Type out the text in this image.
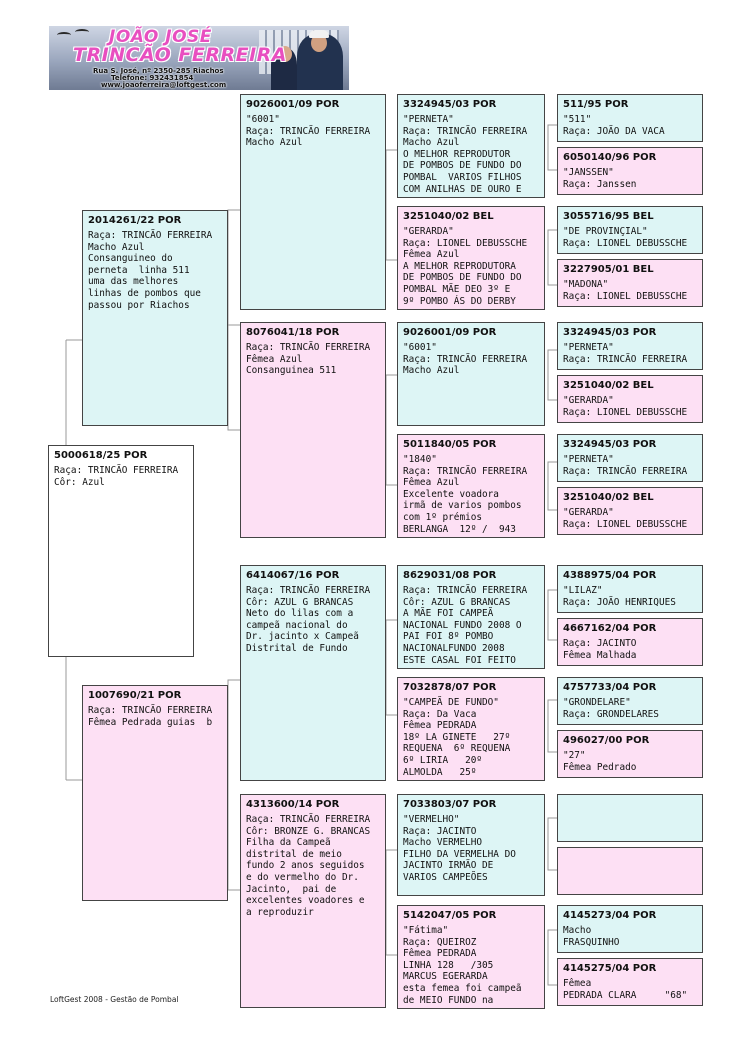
JOÃO JOSÉ
TRINCÃO FERREIRA
Rua S. José, nº 2350-285 Riachos
Telefone: 932431854
www.joaoferreira@loftgest.com
5000618/25 POR
Raça: TRINCÃO FERREIRA
Côr: Azul
2014261/22 POR
Raça: TRINCÃO FERREIRA
Macho Azul
Consanguineo do
perneta  linha 511
uma das melhores
linhas de pombos que
passou por Riachos
1007690/21 POR
Raça: TRINCÃO FERREIRA
Fêmea Pedrada guias  b
9026001/09 POR
"6001"
Raça: TRINCÃO FERREIRA
Macho Azul
8076041/18 POR
Raça: TRINCÃO FERREIRA
Fêmea Azul
Consanguinea 511
6414067/16 POR
Raça: TRINCÃO FERREIRA
Côr: AZUL G BRANCAS
Neto do lilas com a
campeã nacional do
Dr. jacinto x Campeã
Distrital de Fundo
4313600/14 POR
Raça: TRINCÃO FERREIRA
Côr: BRONZE G. BRANCAS
Filha da Campeã
distrital de meio
fundo 2 anos seguidos
e do vermelho do Dr.
Jacinto,  pai de
excelentes voadores e
a reproduzir
3324945/03 POR
"PERNETA"
Raça: TRINCÃO FERREIRA
Macho Azul
O MELHOR REPRODUTOR
DE POMBOS DE FUNDO DO
POMBAL  VARIOS FILHOS
COM ANILHAS DE OURO E
3251040/02 BEL
"GERARDA"
Raça: LIONEL DEBUSSCHE
Fêmea Azul
A MELHOR REPRODUTORA
DE POMBOS DE FUNDO DO
POMBAL MÃE DEO 3º E
9º POMBO ÁS DO DERBY
9026001/09 POR
"6001"
Raça: TRINCÃO FERREIRA
Macho Azul
5011840/05 POR
"1840"
Raça: TRINCÃO FERREIRA
Fêmea Azul
Excelente voadora
irmã de varios pombos
com 1º prémios
BERLANGA  12º /  943
8629031/08 POR
Raça: TRINCÃO FERREIRA
Côr: AZUL G BRANCAS
A MÃE FOI CAMPEÃ
NACIONAL FUNDO 2008 O
PAI FOI 8º POMBO
NACIONALFUNDO 2008
ESTE CASAL FOI FEITO
7032878/07 POR
"CAMPEÃ DE FUNDO"
Raça: Da Vaca
Fêmea PEDRADA
18º LA GINETE   27º
REQUENA  6º REQUENA
6º LIRIA   20º
ALMOLDA   25º
7033803/07 POR
"VERMELHO"
Raça: JACINTO
Macho VERMELHO
FILHO DA VERMELHA DO
JACINTO IRMÃO DE
VARIOS CAMPEÕES
5142047/05 POR
"Fátima"
Raça: QUEIROZ
Fêmea PEDRADA
LINHA 128   /305
MARCUS EGERARDA
esta femea foi campeã
de MEIO FUNDO na
511/95 POR
"511"
Raça: JOÃO DA VACA
6050140/96 POR
"JANSSEN"
Raça: Janssen
3055716/95 BEL
"DE PROVINÇIAL"
Raça: LIONEL DEBUSSCHE
3227905/01 BEL
"MADONA"
Raça: LIONEL DEBUSSCHE
3324945/03 POR
"PERNETA"
Raça: TRINCÃO FERREIRA
3251040/02 BEL
"GERARDA"
Raça: LIONEL DEBUSSCHE
3324945/03 POR
"PERNETA"
Raça: TRINCÃO FERREIRA
3251040/02 BEL
"GERARDA"
Raça: LIONEL DEBUSSCHE
4388975/04 POR
"LILAZ"
Raça: JOÃO HENRIQUES
4667162/04 POR
Raça: JACINTO
Fêmea Malhada
4757733/04 POR
"GRONDELARE"
Raça: GRONDELARES
496027/00 POR
"27"
Fêmea Pedrado
4145273/04 POR
Macho
FRASQUINHO
4145275/04 POR
Fêmea
PEDRADA CLARA     "68"
LoftGest 2008 - Gestão de Pombal
